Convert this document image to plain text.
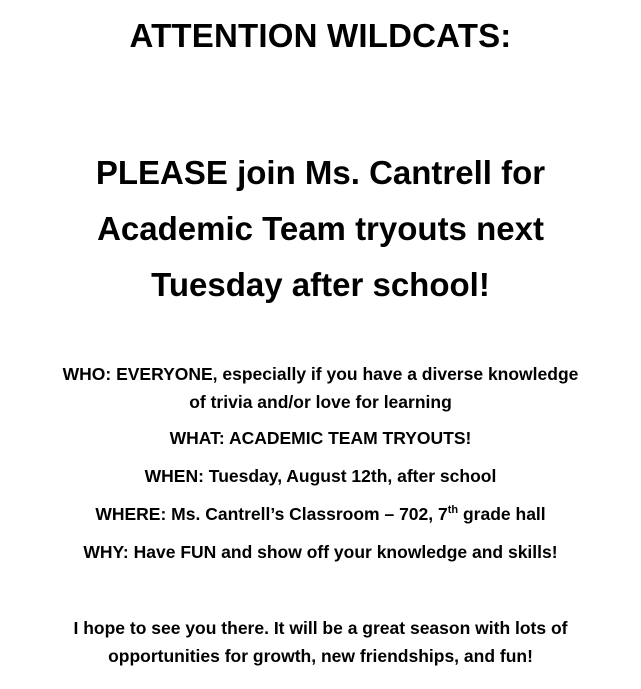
ATTENTION WILDCATS:
PLEASE join Ms. Cantrell for
Academic Team tryouts next
Tuesday after school!
WHO: EVERYONE, especially if you have a diverse knowledge
of trivia and/or love for learning
WHAT: ACADEMIC TEAM TRYOUTS!
WHEN: Tuesday, August 12th, after school
WHERE: Ms. Cantrell’s Classroom – 702, 7th grade hall
WHY: Have FUN and show off your knowledge and skills!
I hope to see you there. It will be a great season with lots of
opportunities for growth, new friendships, and fun!
